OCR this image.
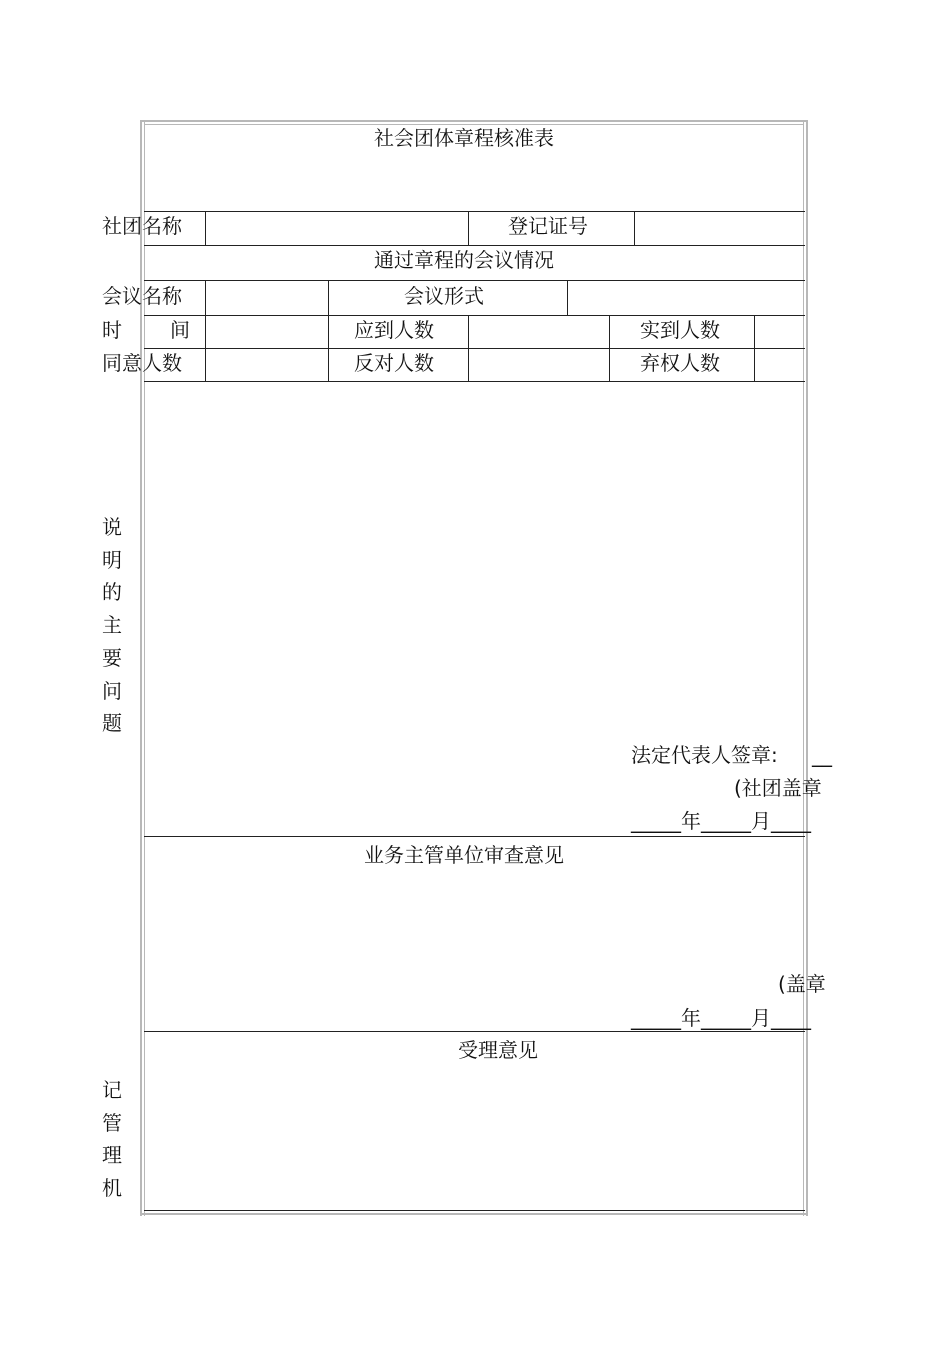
社会团体章程核准表
社团名称	登记证号
通过章程的会议情况
会议名称	会议形式
时 间	应到人数	实到人数
同意人数	反对人数	弃权人数
说
明
的
主
要
问
题
法定代表人签章: __
(社团盖章
_____年_____月____
业务主管单位审查意见
(盖章
_____年_____月____
受理意见
记
管
理
机
